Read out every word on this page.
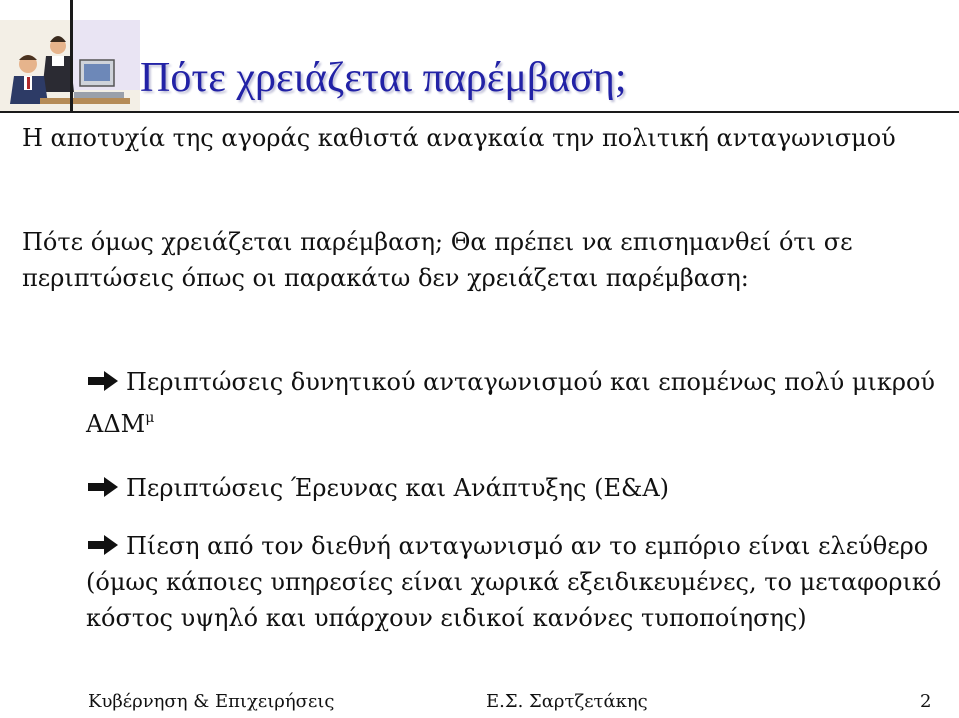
Πότε χρειάζεται παρέμβαση;
Η αποτυχία της αγοράς καθιστά αναγκαία την πολιτική ανταγωνισμού
Πότε όμως χρειάζεται παρέμβαση; Θα πρέπει να επισημανθεί ότι σε περιπτώσεις όπως οι παρακάτω δεν χρειάζεται παρέμβαση:
Περιπτώσεις δυνητικού ανταγωνισμού και επομένως πολύ μικρού $A\Delta M^\mu$
Περιπτώσεις Έρευνας και Ανάπτυξης (Ε&Α)
Πίεση από τον διεθνή ανταγωνισμό αν το εμπόριο είναι ελεύθερο (όμως κάποιες υπηρεσίες είναι χωρικά εξειδικευμένες, το μεταφορικό κόστος υψηλό και υπάρχουν ειδικοί κανόνες τυποποίησης)
Κυβέρνηση & Επιχειρήσεις	Ε.Σ. Σαρτζετάκης	2
